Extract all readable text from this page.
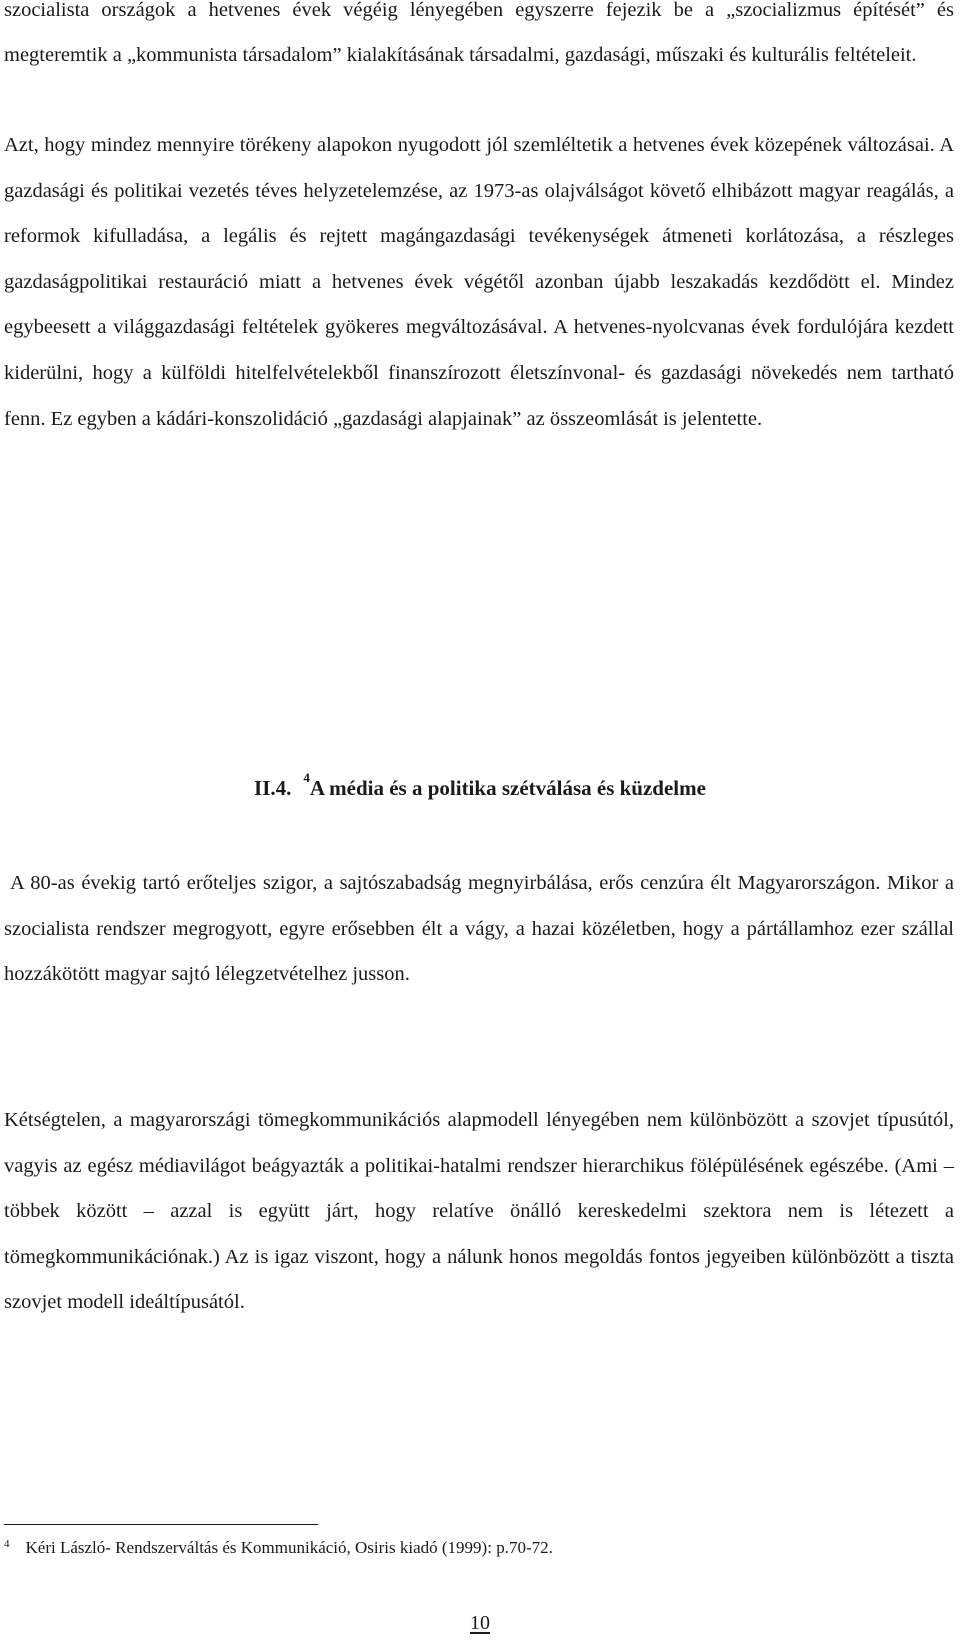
szocialista országok a hetvenes évek végéig lényegében egyszerre fejezik be a „szocializmus építését” és megteremtik a „kommunista társadalom” kialakításának társadalmi, gazdasági, műszaki és kulturális feltételeit.

Azt, hogy mindez mennyire törékeny alapokon nyugodott jól szemléltetik a hetvenes évek közepének változásai. A gazdasági és politikai vezetés téves helyzetelemzése, az 1973-as olajválságot követő elhibázott magyar reagálás, a reformok kifulladása, a legális és rejtett magángazdasági tevékenységek átmeneti korlátozása, a részleges gazdaságpolitikai restauráció miatt a hetvenes évek végétől azonban újabb leszakadás kezdődött el. Mindez egybeesett a világgazdasági feltételek gyökeres megváltozásával. A hetvenes-nyolcvanas évek fordulójára kezdett kiderülni, hogy a külföldi hitelfelvételekből finanszírozott életszínvonal- és gazdasági növekedés nem tartható fenn. Ez egyben a kádári-konszolidáció „gazdasági alapjainak” az összeomlását is jelentette.

II.4. $^4$A média és a politika szétválása és küzdelme

A 80-as évekig tartó erőteljes szigor, a sajtószabadság megnyirbálása, erős cenzúra élt Magyarországon. Mikor a szocialista rendszer megrogyott, egyre erősebben élt a vágy, a hazai közéletben, hogy a pártállamhoz ezer szállal hozzákötött magyar sajtó lélegzetvételhez jusson.

Kétségtelen, a magyarországi tömegkommunikációs alapmodell lényegében nem különbözött a szovjet típusútól, vagyis az egész médiavilágot beágyazták a politikai-hatalmi rendszer hierarchikus fölépülésének egészébe. (Ami – többek között – azzal is együtt járt, hogy relatíve önálló kereskedelmi szektora nem is létezett a tömegkommunikációnak.) Az is igaz viszont, hogy a nálunk honos megoldás fontos jegyeiben különbözött a tiszta szovjet modell ideáltípusától.

$^4$ Kéri László- Rendszerváltás és Kommunikáció, Osiris kiadó (1999): p.70-72.

10
